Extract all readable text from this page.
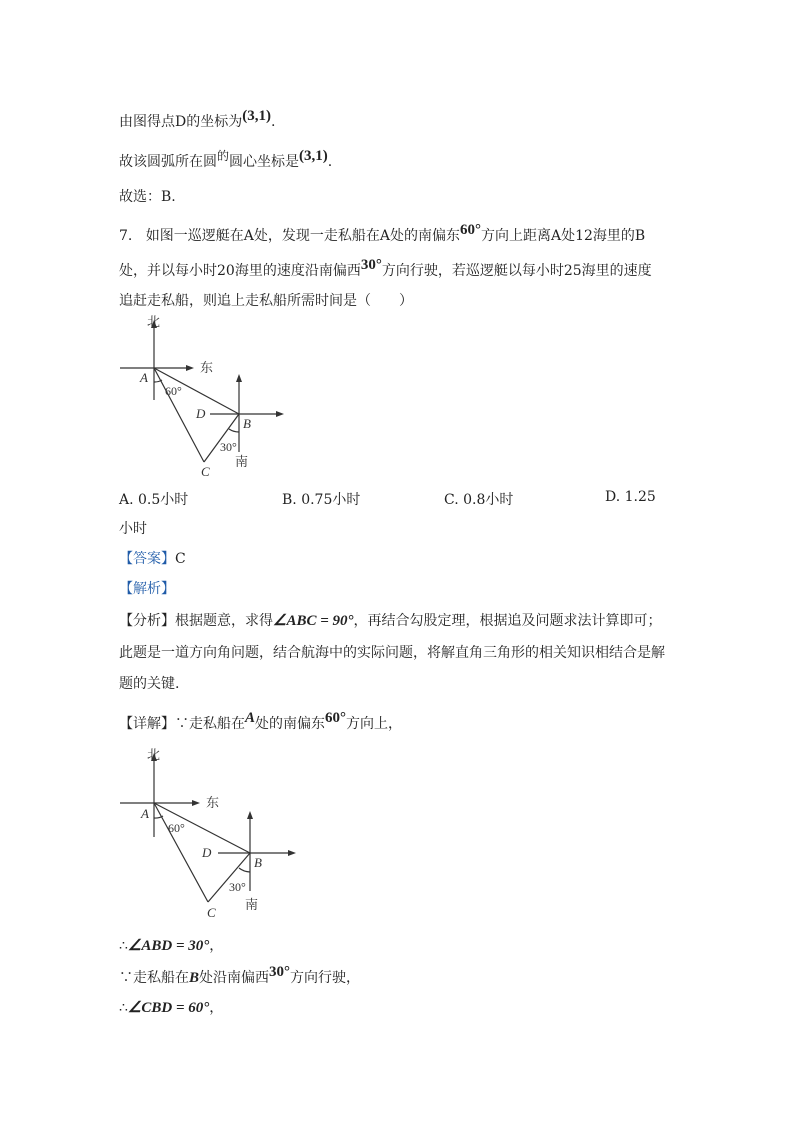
由图得点D的坐标为(3,1).
故该圆弧所在圆的圆心坐标是(3,1).
故选：B.
7. 如图一巡逻艇在A处，发现一走私船在A处的南偏东60°方向上距离A处12海里的B
处，并以每小时20海里的速度沿南偏西30°方向行驶，若巡逻艇以每小时25海里的速度
追赶走私船，则追上走私船所需时间是（　　）
北
东
A
60°
D
B
30°
南
C
A. 0.5小时	B. 0.75小时	C. 0.8小时	D. 1.25
小时
【答案】C
【解析】
【分析】根据题意，求得∠ABC = 90°，再结合勾股定理，根据追及问题求法计算即可；
此题是一道方向角问题，结合航海中的实际问题，将解直角三角形的相关知识相结合是解
题的关键.
【详解】∵走私船在A处的南偏东60°方向上，
北
东
A
60°
D
B
30°
南
C
∴∠ABD = 30°，
∵走私船在B处沿南偏西30°方向行驶，
∴∠CBD = 60°，
